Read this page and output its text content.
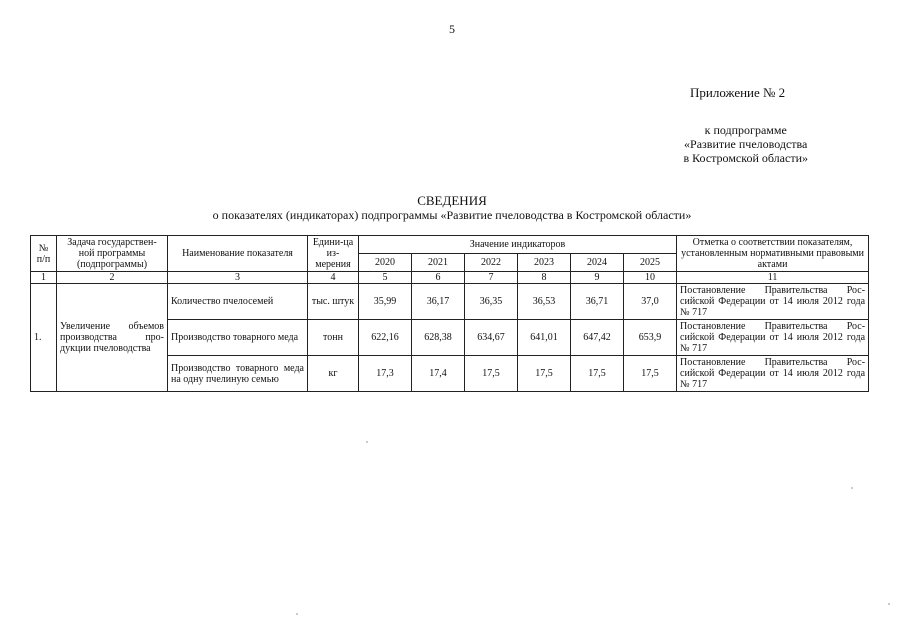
5
Приложение № 2
к подпрограмме
«Развитие пчеловодства
в Костромской области»
СВЕДЕНИЯ
о показателях (индикаторах) подпрограммы «Развитие пчеловодства в Костромской области»
№ п/п	Задача государствен-ной программы (подпрограммы)	Наименование показателя	Едини-ца из-мерения	Значение индикаторов						Отметка о соответствии показателям, установленным нормативными правовыми актами
				2020	2021	2022	2023	2024	2025	
1	2	3	4	5	6	7	8	9	10	11
1.	Увеличение объемов производства про-дукции пчеловодства	Количество пчелосемей	тыс. штук	35,99	36,17	36,35	36,53	36,71	37,0	Постановление Правительства Рос-сийской Федерации от 14 июля 2012 года № 717
		Производство товарного меда	тонн	622,16	628,38	634,67	641,01	647,42	653,9	Постановление Правительства Рос-сийской Федерации от 14 июля 2012 года № 717
		Производство товарного меда на одну пчелиную семью	кг	17,3	17,4	17,5	17,5	17,5	17,5	Постановление Правительства Рос-сийской Федерации от 14 июля 2012 года № 717
